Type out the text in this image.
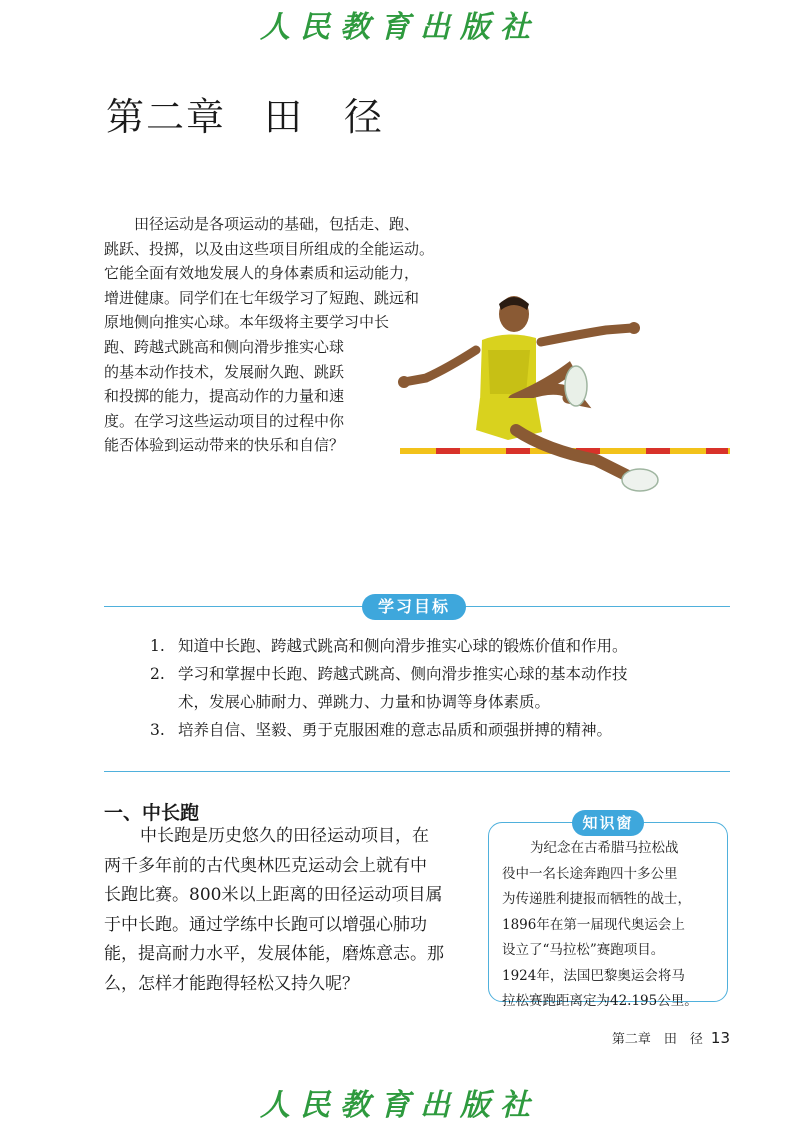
人民教育出版社
第二章 田　径

田径运动是各项运动的基础，包括走、跑、
跳跃、投掷，以及由这些项目所组成的全能运动。
它能全面有效地发展人的身体素质和运动能力，
增进健康。同学们在七年级学习了短跑、跳远和
原地侧向推实心球。本年级将主要学习中长
跑、跨越式跳高和侧向滑步推实心球
的基本动作技术，发展耐久跑、跳跃
和投掷的能力，提高动作的力量和速
度。在学习这些运动项目的过程中你
能否体验到运动带来的快乐和自信？

学习目标
1. 知道中长跑、跨越式跳高和侧向滑步推实心球的锻炼价值和作用。
2. 学习和掌握中长跑、跨越式跳高、侧向滑步推实心球的基本动作技
术，发展心肺耐力、弹跳力、力量和协调等身体素质。
3. 培养自信、坚毅、勇于克服困难的意志品质和顽强拼搏的精神。
一、中长跑
中长跑是历史悠久的田径运动项目，在
两千多年前的古代奥林匹克运动会上就有中
长跑比赛。800米以上距离的田径运动项目属
于中长跑。通过学练中长跑可以增强心肺功
能，提高耐力水平，发展体能，磨炼意志。那
么，怎样才能跑得轻松又持久呢？
知识窗
为纪念在古希腊马拉松战
役中一名长途奔跑四十多公里
为传递胜利捷报而牺牲的战士，
1896年在第一届现代奥运会上
设立了“马拉松”赛跑项目。
1924年，法国巴黎奥运会将马
拉松赛跑距离定为42.195公里。
第二章　田　径 13
人民教育出版社
